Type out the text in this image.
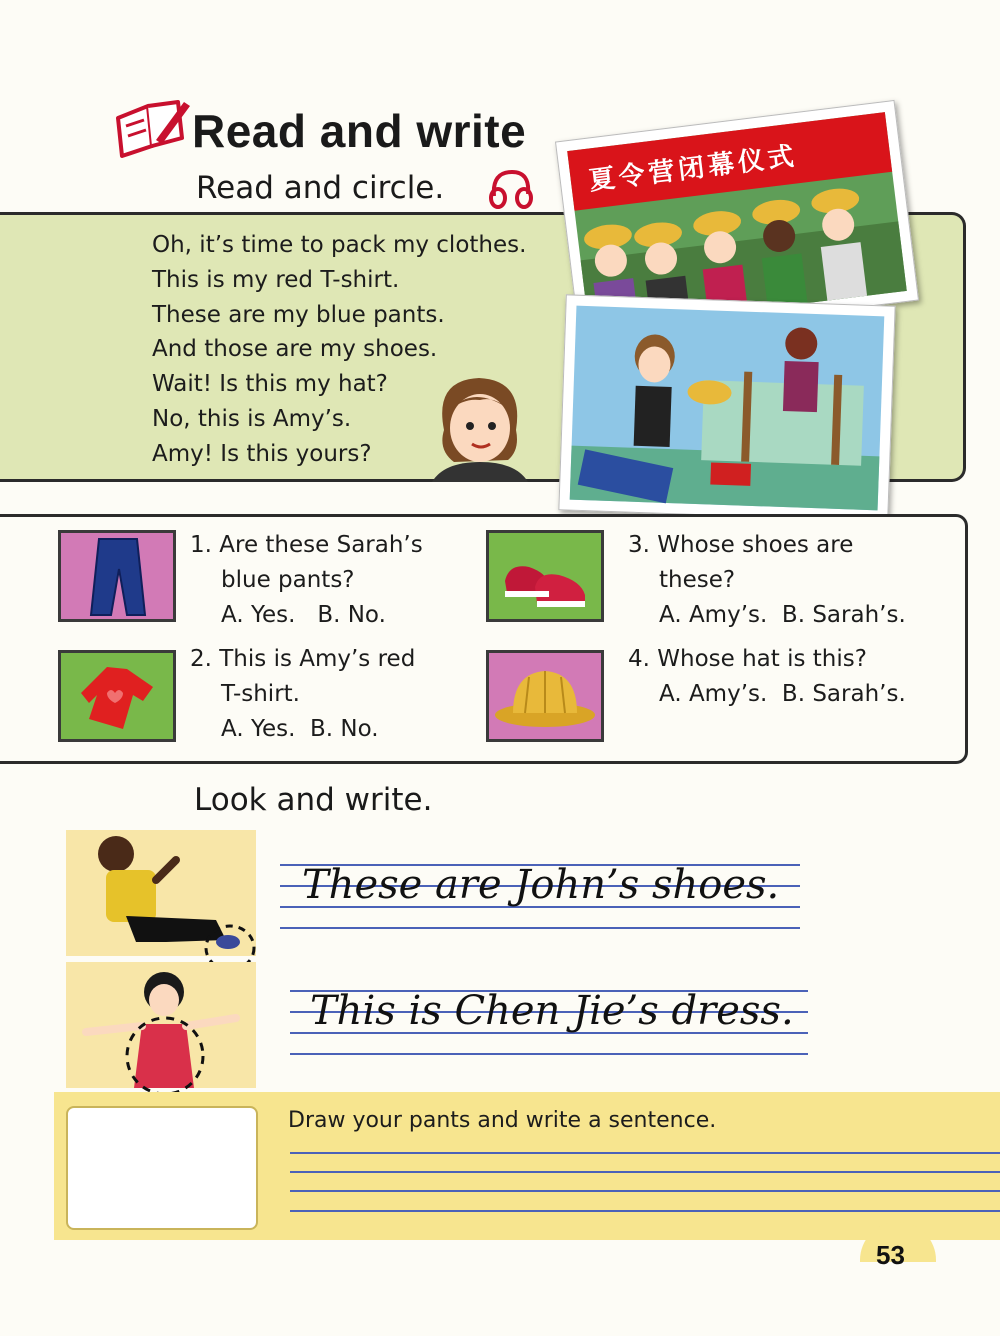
Read and write
Read and circle.
Oh, it’s time to pack my clothes.
This is my red T-shirt.
These are my blue pants.
And those are my shoes.
Wait! Is this my hat?
No, this is Amy’s.
Amy! Is this yours?
夏令营闭幕仪式
1. Are these Sarah’s
blue pants?
A. Yes.   B. No.
2. This is Amy’s red
T-shirt.
A. Yes.  B. No.
3. Whose shoes are
these?
A. Amy’s.  B. Sarah’s.
4. Whose hat is this?
A. Amy’s.  B. Sarah’s.
Look and write.
These are John’s shoes.
This is Chen Jie’s dress.
Draw your pants and write a sentence.
53
